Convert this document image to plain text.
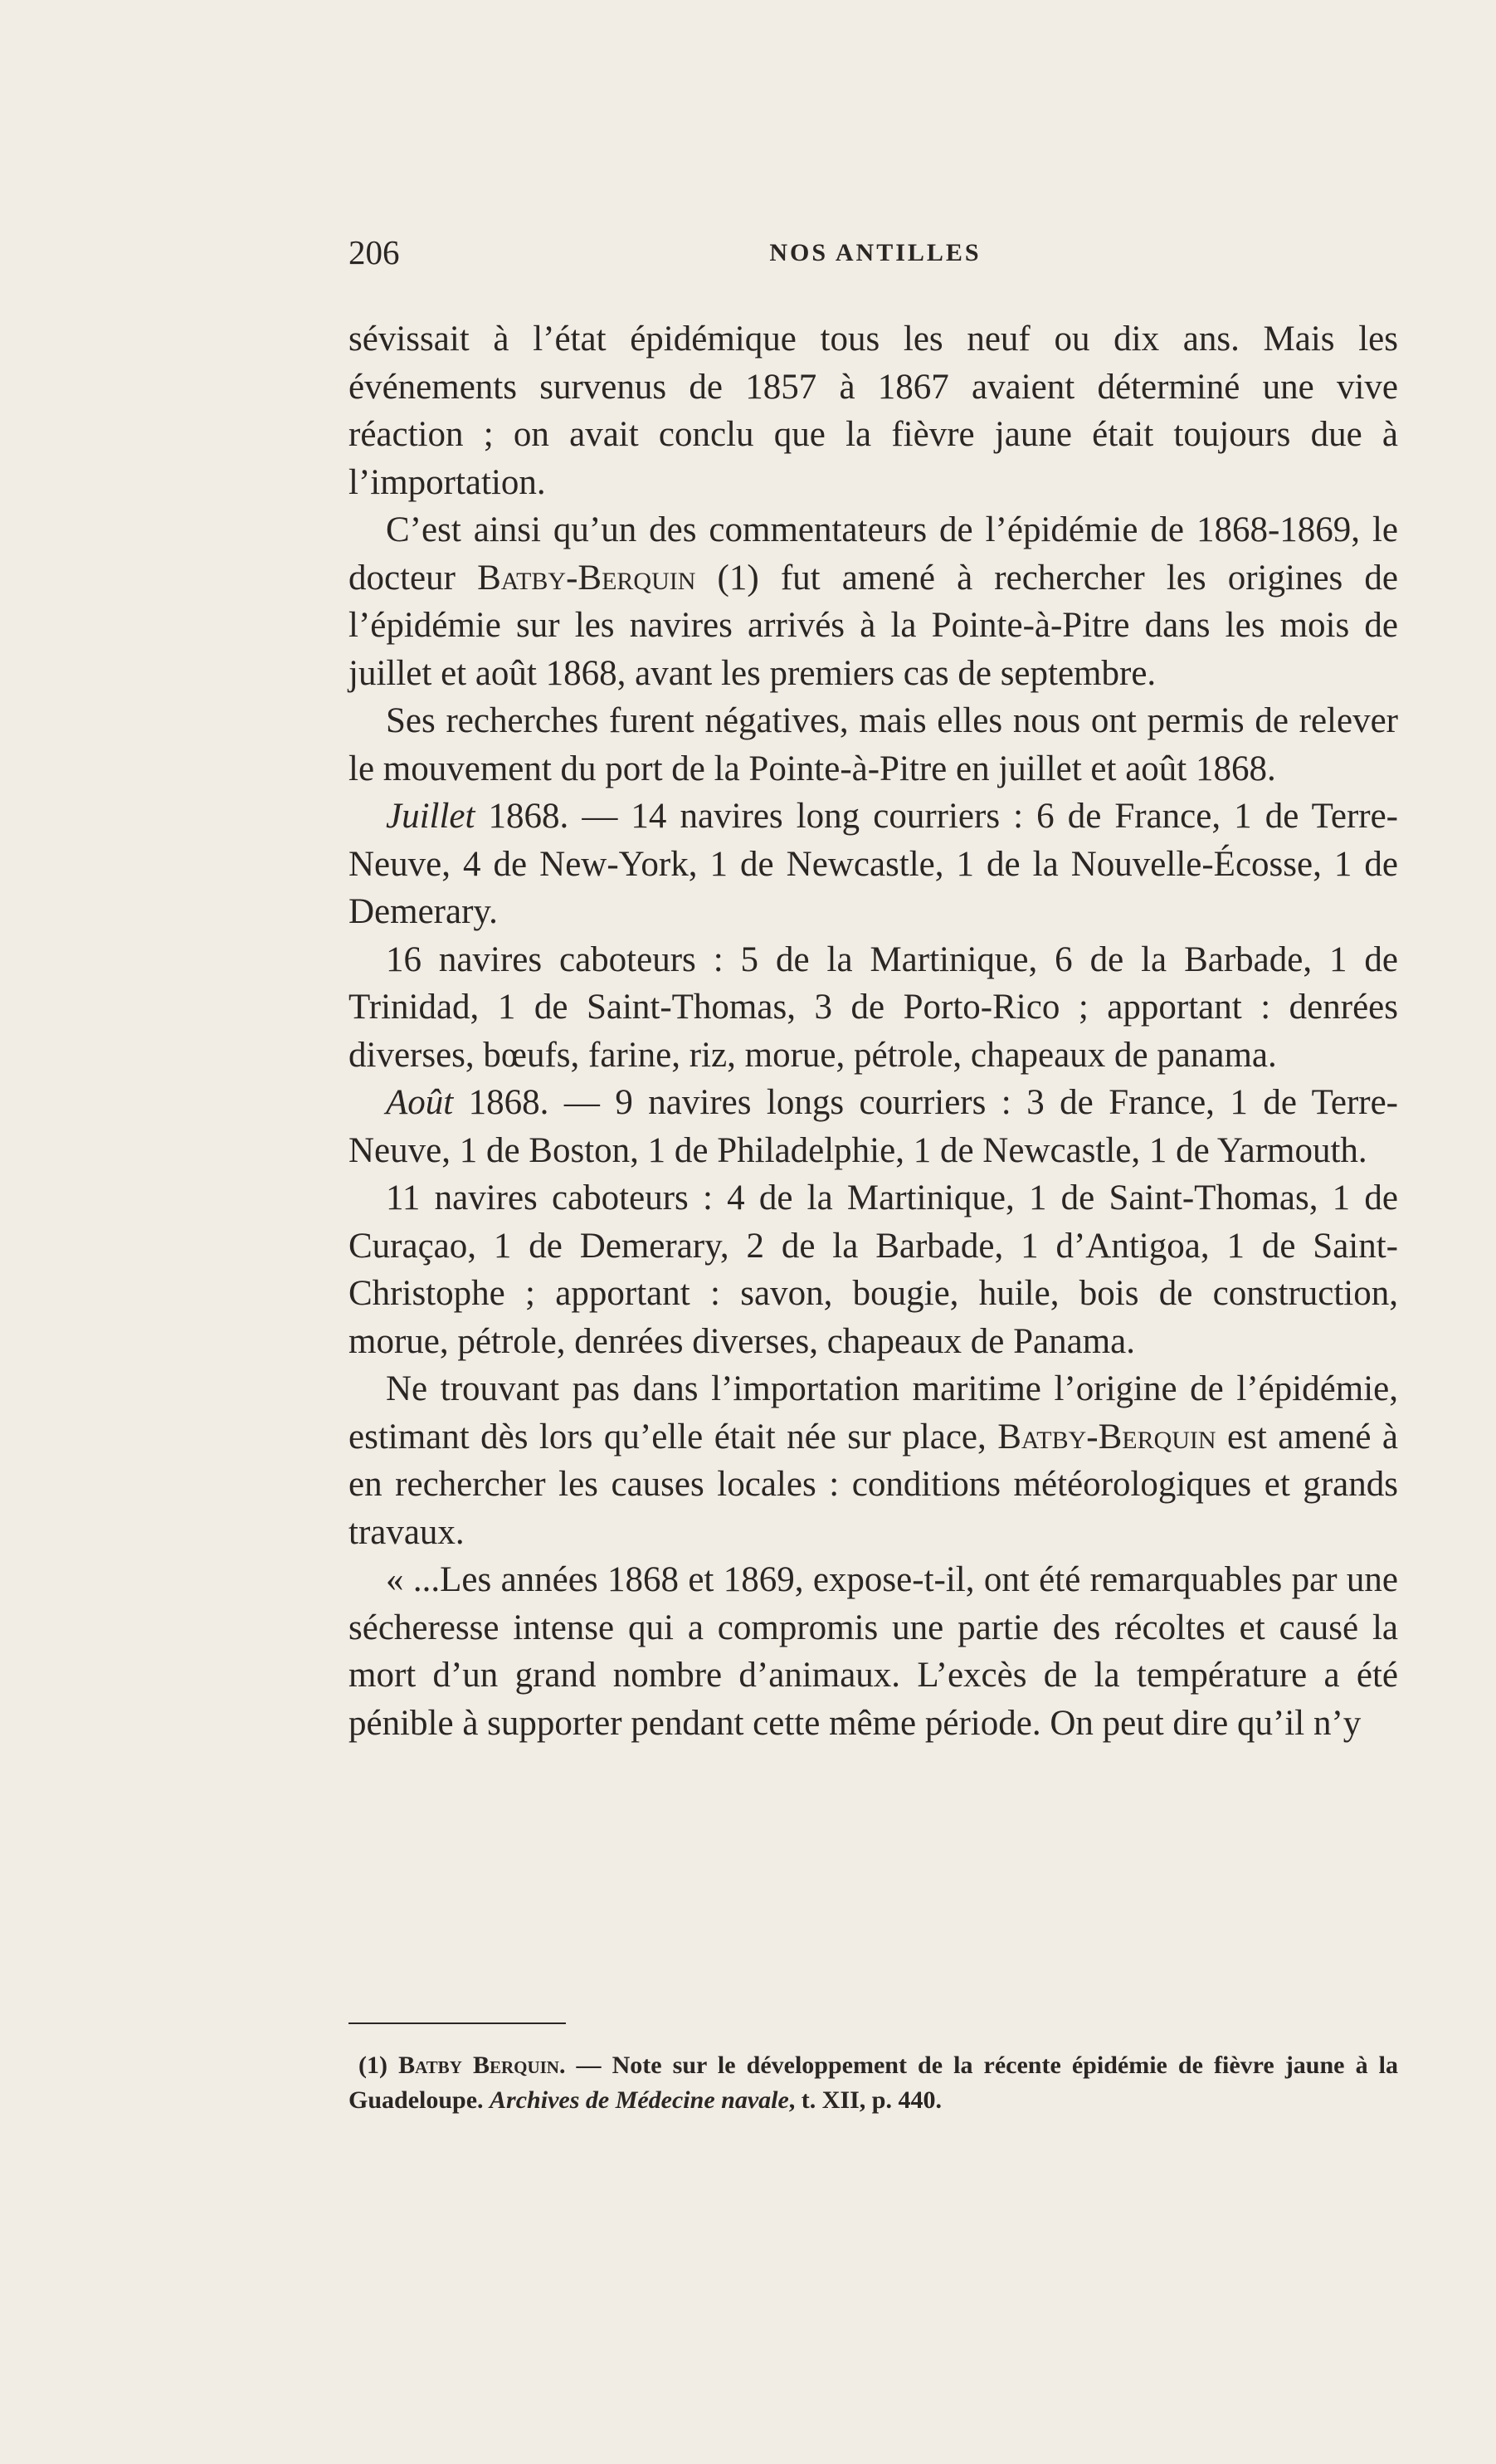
206	NOS ANTILLES

sévissait à l’état épidémique tous les neuf ou dix ans. Mais les événements survenus de 1857 à 1867 avaient déterminé une vive réaction ; on avait conclu que la fièvre jaune était toujours due à l’importation.

C’est ainsi qu’un des commentateurs de l’épidémie de 1868-1869, le docteur Batby-Berquin (1) fut amené à rechercher les origines de l’épidémie sur les navires arrivés à la Pointe-à-Pitre dans les mois de juillet et août 1868, avant les premiers cas de septembre.

Ses recherches furent négatives, mais elles nous ont permis de relever le mouvement du port de la Pointe-à-Pitre en juillet et août 1868.

Juillet 1868. — 14 navires long courriers : 6 de France, 1 de Terre-Neuve, 4 de New-York, 1 de Newcastle, 1 de la Nouvelle-Écosse, 1 de Demerary.

16 navires caboteurs : 5 de la Martinique, 6 de la Barbade, 1 de Trinidad, 1 de Saint-Thomas, 3 de Porto-Rico ; apportant : denrées diverses, bœufs, farine, riz, morue, pétrole, chapeaux de panama.

Août 1868. — 9 navires longs courriers : 3 de France, 1 de Terre-Neuve, 1 de Boston, 1 de Philadelphie, 1 de Newcastle, 1 de Yarmouth.

11 navires caboteurs : 4 de la Martinique, 1 de Saint-Thomas, 1 de Curaçao, 1 de Demerary, 2 de la Barbade, 1 d’Antigoa, 1 de Saint-Christophe ; apportant : savon, bougie, huile, bois de construction, morue, pétrole, denrées diverses, chapeaux de Panama.

Ne trouvant pas dans l’importation maritime l’origine de l’épidémie, estimant dès lors qu’elle était née sur place, Batby-Berquin est amené à en rechercher les causes locales : conditions météorologiques et grands travaux.

« ...Les années 1868 et 1869, expose-t-il, ont été remarquables par une sécheresse intense qui a compromis une partie des récoltes et causé la mort d’un grand nombre d’animaux. L’excès de la température a été pénible à supporter pendant cette même période. On peut dire qu’il n’y

(1) Batby Berquin. — Note sur le développement de la récente épidémie de fièvre jaune à la Guadeloupe. Archives de Médecine navale, t. XII, p. 440.
